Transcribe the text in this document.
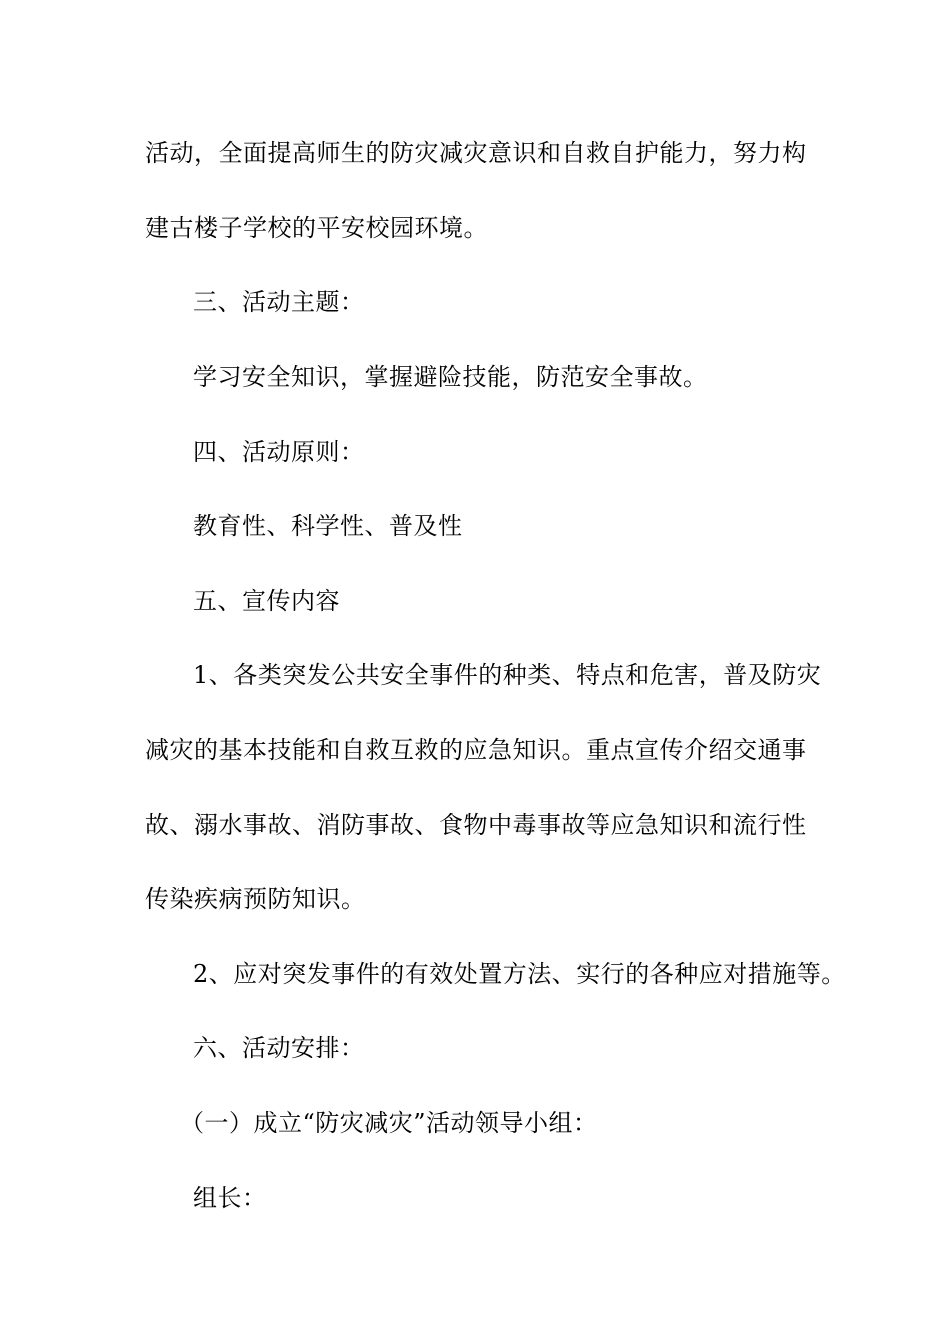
活动，全面提高师生的防灾减灾意识和自救自护能力，努力构
建古楼子学校的平安校园环境。
三、活动主题：
学习安全知识，掌握避险技能，防范安全事故。
四、活动原则：
教育性、科学性、普及性
五、宣传内容
1、各类突发公共安全事件的种类、特点和危害，普及防灾
减灾的基本技能和自救互救的应急知识。重点宣传介绍交通事
故、溺水事故、消防事故、食物中毒事故等应急知识和流行性
传染疾病预防知识。
2、应对突发事件的有效处置方法、实行的各种应对措施等。
六、活动安排：
（一）成立“防灾减灾”活动领导小组：
组长：
